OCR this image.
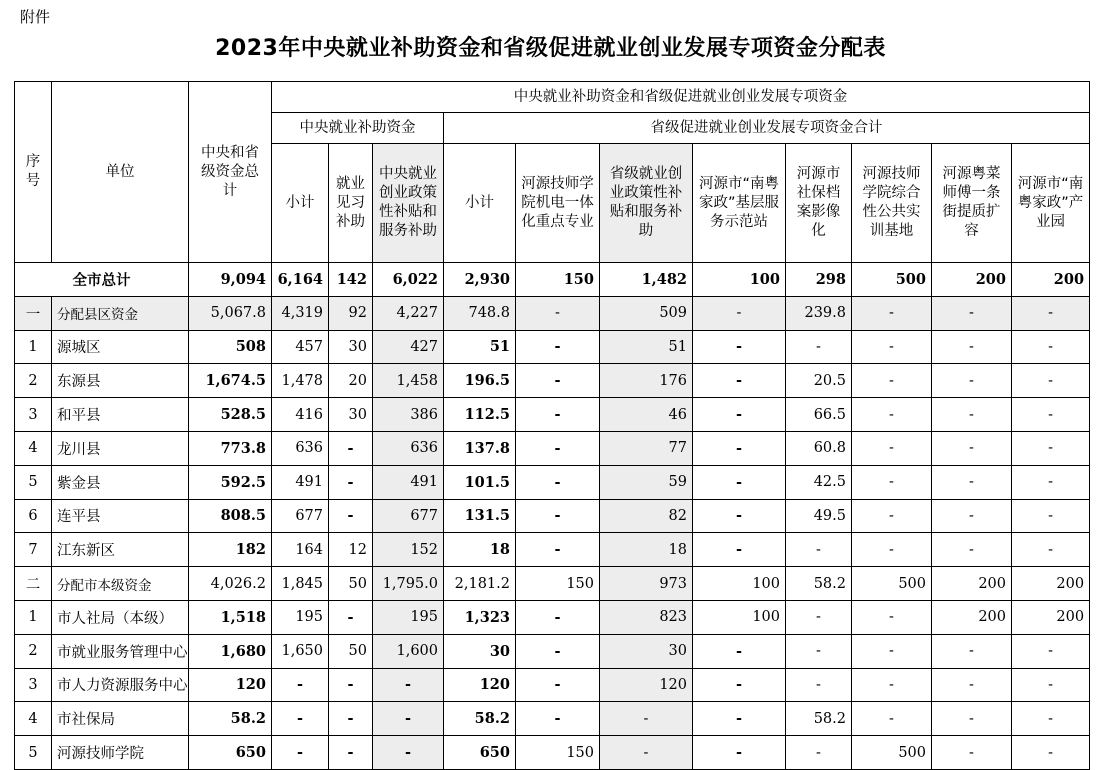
附件
2023年中央就业补助资金和省级促进就业创业发展专项资金分配表
序号	单位	中央和省级资金总计	中央就业补助资金和省级促进就业创业发展专项资金										
			中央就业补助资金			省级促进就业创业发展专项资金合计							
			小计	就业见习补助	中央就业创业政策性补贴和服务补助	小计	河源技师学院机电一体化重点专业	省级就业创业政策性补贴和服务补助	河源市“南粤家政”基层服务示范站	河源市社保档案影像化	河源技师学院综合性公共实训基地	河源粤菜师傅一条街提质扩容	河源市“南粤家政”产业园
全市总计		9,094	6,164	142	6,022	2,930	150	1,482	100	298	500	200	200
一	分配县区资金	5,067.8	4,319	92	4,227	748.8	-	509	-	239.8	-	-	-
1	源城区	508	457	30	427	51	-	51	-	-	-	-	-
2	东源县	1,674.5	1,478	20	1,458	196.5	-	176	-	20.5	-	-	-
3	和平县	528.5	416	30	386	112.5	-	46	-	66.5	-	-	-
4	龙川县	773.8	636	-	636	137.8	-	77	-	60.8	-	-	-
5	紫金县	592.5	491	-	491	101.5	-	59	-	42.5	-	-	-
6	连平县	808.5	677	-	677	131.5	-	82	-	49.5	-	-	-
7	江东新区	182	164	12	152	18	-	18	-	-	-	-	-
二	分配市本级资金	4,026.2	1,845	50	1,795.0	2,181.2	150	973	100	58.2	500	200	200
1	市人社局（本级）	1,518	195	-	195	1,323	-	823	100	-	-	200	200
2	市就业服务管理中心	1,680	1,650	50	1,600	30	-	30	-	-	-	-	-
3	市人力资源服务中心	120	-	-	-	120	-	120	-	-	-	-	-
4	市社保局	58.2	-	-	-	58.2	-	-	-	58.2	-	-	-
5	河源技师学院	650	-	-	-	650	150	-	-	-	500	-	-
